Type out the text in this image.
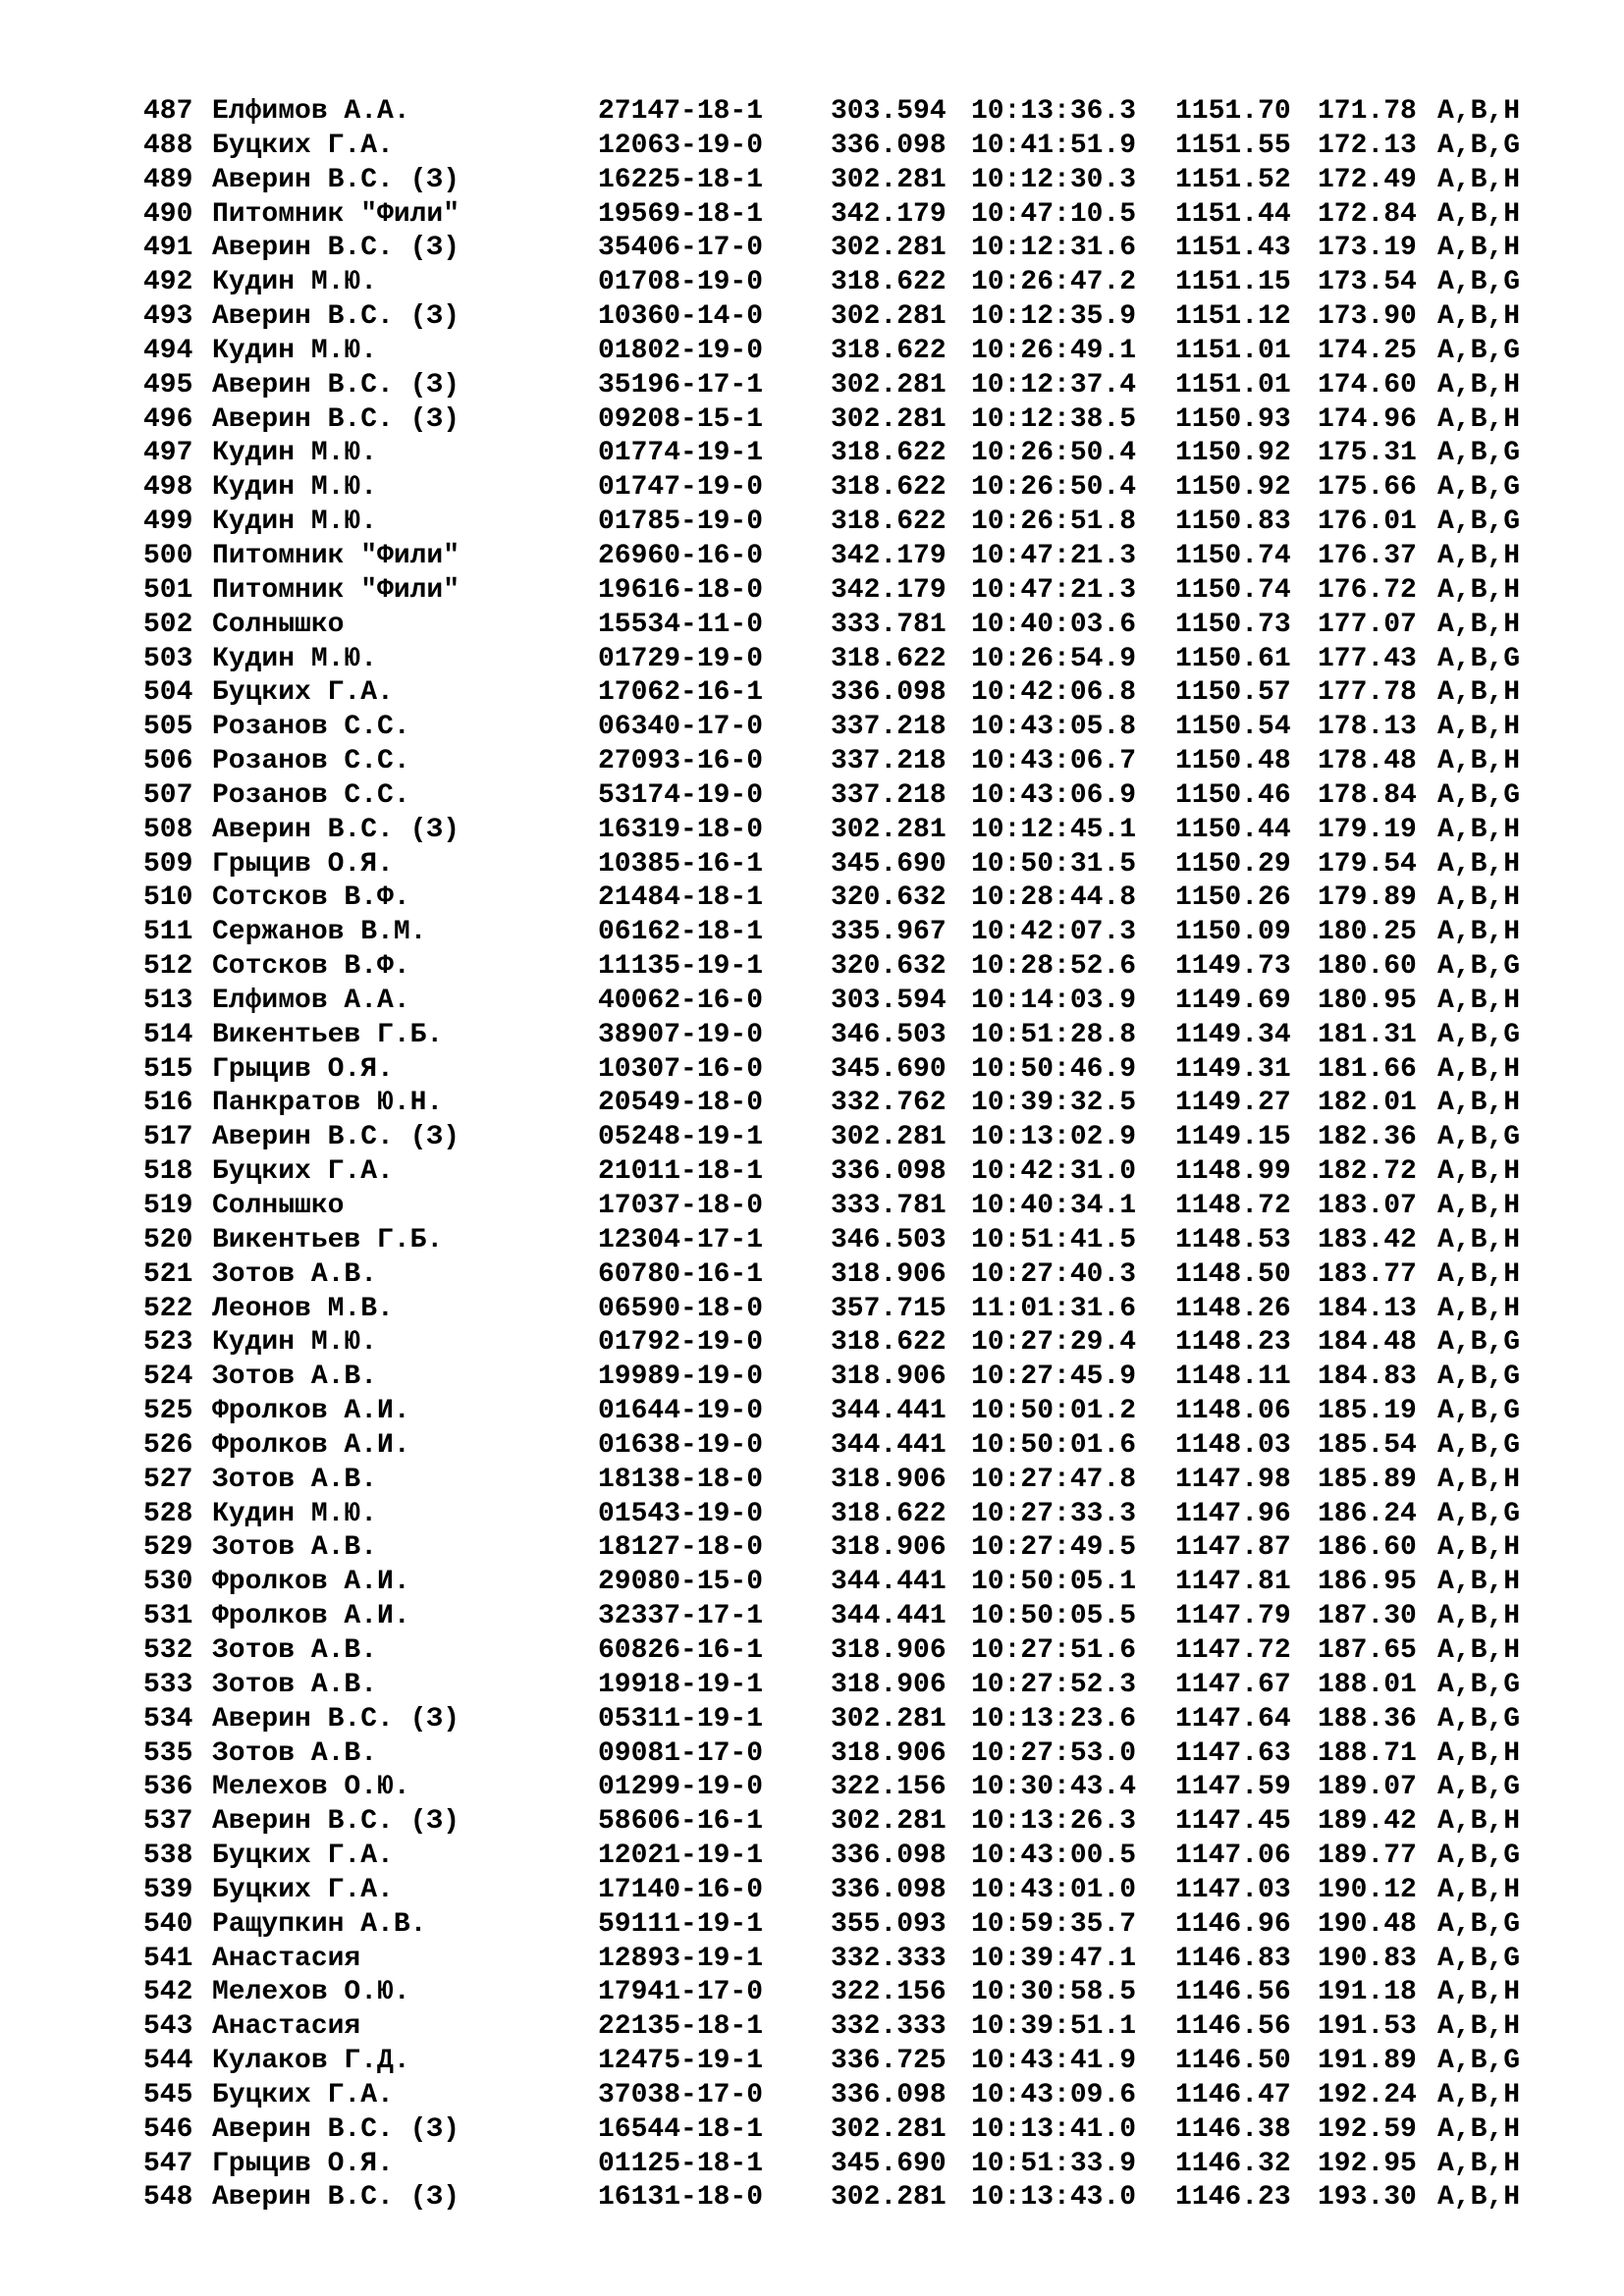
487 Елфимов А.А.	27147-18-1 303.594 10:13:36.3 1151.70 171.78 A,B,H
488 Буцких Г.А.	12063-19-0 336.098 10:41:51.9 1151.55 172.13 A,B,G
489 Аверин В.С. (З)	16225-18-1 302.281 10:12:30.3 1151.52 172.49 A,B,H
490 Питомник "Фили"	19569-18-1 342.179 10:47:10.5 1151.44 172.84 A,B,H
491 Аверин В.С. (З)	35406-17-0 302.281 10:12:31.6 1151.43 173.19 A,B,H
492 Кудин М.Ю.	01708-19-0 318.622 10:26:47.2 1151.15 173.54 A,B,G
493 Аверин В.С. (З)	10360-14-0 302.281 10:12:35.9 1151.12 173.90 A,B,H
494 Кудин М.Ю.	01802-19-0 318.622 10:26:49.1 1151.01 174.25 A,B,G
495 Аверин В.С. (З)	35196-17-1 302.281 10:12:37.4 1151.01 174.60 A,B,H
496 Аверин В.С. (З)	09208-15-1 302.281 10:12:38.5 1150.93 174.96 A,B,H
497 Кудин М.Ю.	01774-19-1 318.622 10:26:50.4 1150.92 175.31 A,B,G
498 Кудин М.Ю.	01747-19-0 318.622 10:26:50.4 1150.92 175.66 A,B,G
499 Кудин М.Ю.	01785-19-0 318.622 10:26:51.8 1150.83 176.01 A,B,G
500 Питомник "Фили"	26960-16-0 342.179 10:47:21.3 1150.74 176.37 A,B,H
501 Питомник "Фили"	19616-18-0 342.179 10:47:21.3 1150.74 176.72 A,B,H
502 Солнышко	15534-11-0 333.781 10:40:03.6 1150.73 177.07 A,B,H
503 Кудин М.Ю.	01729-19-0 318.622 10:26:54.9 1150.61 177.43 A,B,G
504 Буцких Г.А.	17062-16-1 336.098 10:42:06.8 1150.57 177.78 A,B,H
505 Розанов С.С.	06340-17-0 337.218 10:43:05.8 1150.54 178.13 A,B,H
506 Розанов С.С.	27093-16-0 337.218 10:43:06.7 1150.48 178.48 A,B,H
507 Розанов С.С.	53174-19-0 337.218 10:43:06.9 1150.46 178.84 A,B,G
508 Аверин В.С. (З)	16319-18-0 302.281 10:12:45.1 1150.44 179.19 A,B,H
509 Грыцив О.Я.	10385-16-1 345.690 10:50:31.5 1150.29 179.54 A,B,H
510 Сотсков В.Ф.	21484-18-1 320.632 10:28:44.8 1150.26 179.89 A,B,H
511 Сержанов В.М.	06162-18-1 335.967 10:42:07.3 1150.09 180.25 A,B,H
512 Сотсков В.Ф.	11135-19-1 320.632 10:28:52.6 1149.73 180.60 A,B,G
513 Елфимов А.А.	40062-16-0 303.594 10:14:03.9 1149.69 180.95 A,B,H
514 Викентьев Г.Б.	38907-19-0 346.503 10:51:28.8 1149.34 181.31 A,B,G
515 Грыцив О.Я.	10307-16-0 345.690 10:50:46.9 1149.31 181.66 A,B,H
516 Панкратов Ю.Н.	20549-18-0 332.762 10:39:32.5 1149.27 182.01 A,B,H
517 Аверин В.С. (З)	05248-19-1 302.281 10:13:02.9 1149.15 182.36 A,B,G
518 Буцких Г.А.	21011-18-1 336.098 10:42:31.0 1148.99 182.72 A,B,H
519 Солнышко	17037-18-0 333.781 10:40:34.1 1148.72 183.07 A,B,H
520 Викентьев Г.Б.	12304-17-1 346.503 10:51:41.5 1148.53 183.42 A,B,H
521 Зотов А.В.	60780-16-1 318.906 10:27:40.3 1148.50 183.77 A,B,H
522 Леонов М.В.	06590-18-0 357.715 11:01:31.6 1148.26 184.13 A,B,H
523 Кудин М.Ю.	01792-19-0 318.622 10:27:29.4 1148.23 184.48 A,B,G
524 Зотов А.В.	19989-19-0 318.906 10:27:45.9 1148.11 184.83 A,B,G
525 Фролков А.И.	01644-19-0 344.441 10:50:01.2 1148.06 185.19 A,B,G
526 Фролков А.И.	01638-19-0 344.441 10:50:01.6 1148.03 185.54 A,B,G
527 Зотов А.В.	18138-18-0 318.906 10:27:47.8 1147.98 185.89 A,B,H
528 Кудин М.Ю.	01543-19-0 318.622 10:27:33.3 1147.96 186.24 A,B,G
529 Зотов А.В.	18127-18-0 318.906 10:27:49.5 1147.87 186.60 A,B,H
530 Фролков А.И.	29080-15-0 344.441 10:50:05.1 1147.81 186.95 A,B,H
531 Фролков А.И.	32337-17-1 344.441 10:50:05.5 1147.79 187.30 A,B,H
532 Зотов А.В.	60826-16-1 318.906 10:27:51.6 1147.72 187.65 A,B,H
533 Зотов А.В.	19918-19-1 318.906 10:27:52.3 1147.67 188.01 A,B,G
534 Аверин В.С. (З)	05311-19-1 302.281 10:13:23.6 1147.64 188.36 A,B,G
535 Зотов А.В.	09081-17-0 318.906 10:27:53.0 1147.63 188.71 A,B,H
536 Мелехов О.Ю.	01299-19-0 322.156 10:30:43.4 1147.59 189.07 A,B,G
537 Аверин В.С. (З)	58606-16-1 302.281 10:13:26.3 1147.45 189.42 A,B,H
538 Буцких Г.А.	12021-19-1 336.098 10:43:00.5 1147.06 189.77 A,B,G
539 Буцких Г.А.	17140-16-0 336.098 10:43:01.0 1147.03 190.12 A,B,H
540 Ращупкин А.В.	59111-19-1 355.093 10:59:35.7 1146.96 190.48 A,B,G
541 Анастасия	12893-19-1 332.333 10:39:47.1 1146.83 190.83 A,B,G
542 Мелехов О.Ю.	17941-17-0 322.156 10:30:58.5 1146.56 191.18 A,B,H
543 Анастасия	22135-18-1 332.333 10:39:51.1 1146.56 191.53 A,B,H
544 Кулаков Г.Д.	12475-19-1 336.725 10:43:41.9 1146.50 191.89 A,B,G
545 Буцких Г.А.	37038-17-0 336.098 10:43:09.6 1146.47 192.24 A,B,H
546 Аверин В.С. (З)	16544-18-1 302.281 10:13:41.0 1146.38 192.59 A,B,H
547 Грыцив О.Я.	01125-18-1 345.690 10:51:33.9 1146.32 192.95 A,B,H
548 Аверин В.С. (З)	16131-18-0 302.281 10:13:43.0 1146.23 193.30 A,B,H
